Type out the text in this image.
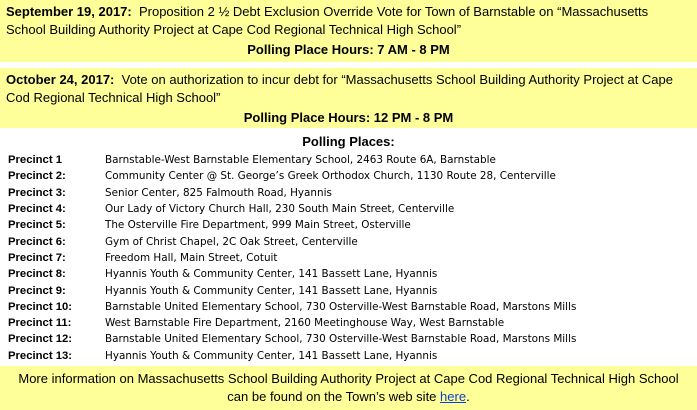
September 19, 2017: Proposition 2 ½ Debt Exclusion Override Vote for Town of Barnstable on “Massachusetts School Building Authority Project at Cape Cod Regional Technical High School”
Polling Place Hours: 7 AM - 8 PM
October 24, 2017: Vote on authorization to incur debt for “Massachusetts School Building Authority Project at Cape Cod Regional Technical High School”
Polling Place Hours: 12 PM - 8 PM
Polling Places:
Precinct 1	Barnstable-West Barnstable Elementary School, 2463 Route 6A, Barnstable
Precinct 2:	Community Center @ St. George’s Greek Orthodox Church, 1130 Route 28, Centerville
Precinct 3:	Senior Center, 825 Falmouth Road, Hyannis
Precinct 4:	Our Lady of Victory Church Hall, 230 South Main Street, Centerville
Precinct 5:	The Osterville Fire Department, 999 Main Street, Osterville
Precinct 6:	Gym of Christ Chapel, 2C Oak Street, Centerville
Precinct 7:	Freedom Hall, Main Street, Cotuit
Precinct 8:	Hyannis Youth & Community Center, 141 Bassett Lane, Hyannis
Precinct 9:	Hyannis Youth & Community Center, 141 Bassett Lane, Hyannis
Precinct 10:	Barnstable United Elementary School, 730 Osterville-West Barnstable Road, Marstons Mills
Precinct 11:	West Barnstable Fire Department, 2160 Meetinghouse Way, West Barnstable
Precinct 12:	Barnstable United Elementary School, 730 Osterville-West Barnstable Road, Marstons Mills
Precinct 13:	Hyannis Youth & Community Center, 141 Bassett Lane, Hyannis
More information on Massachusetts School Building Authority Project at Cape Cod Regional Technical High School
can be found on the Town’s web site here.
